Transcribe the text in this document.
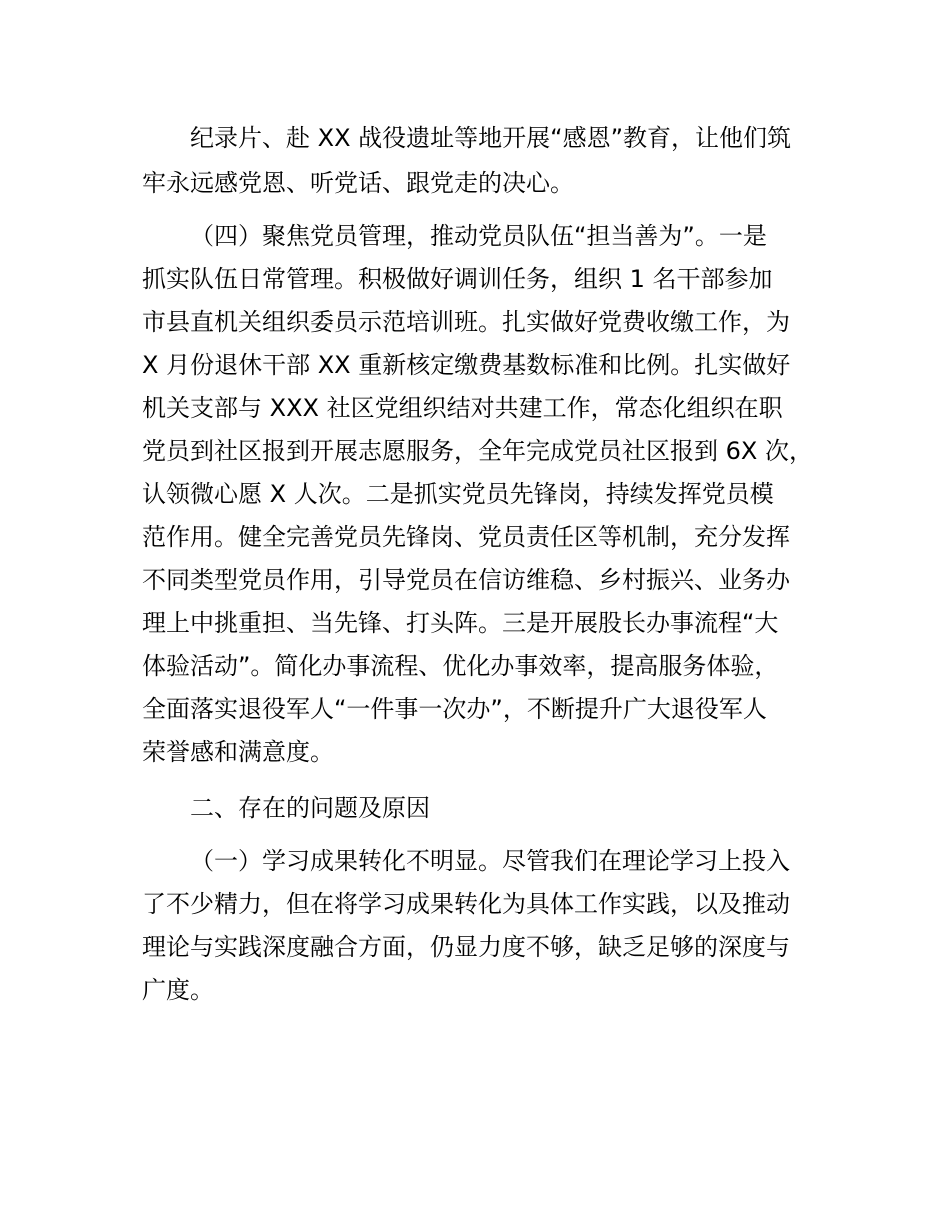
纪录片、赴 XX 战役遗址等地开展“感恩”教育，让他们筑

牢永远感党恩、听党话、跟党走的决心。

（四）聚焦党员管理，推动党员队伍“担当善为”。一是

抓实队伍日常管理。积极做好调训任务，组织 1 名干部参加

市县直机关组织委员示范培训班。扎实做好党费收缴工作，为

X 月份退休干部 XX 重新核定缴费基数标准和比例。扎实做好

机关支部与 XXX 社区党组织结对共建工作，常态化组织在职

党员到社区报到开展志愿服务，全年完成党员社区报到 6X 次，

认领微心愿 X 人次。二是抓实党员先锋岗，持续发挥党员模

范作用。健全完善党员先锋岗、党员责任区等机制，充分发挥

不同类型党员作用，引导党员在信访维稳、乡村振兴、业务办

理上中挑重担、当先锋、打头阵。三是开展股长办事流程“大

体验活动”。简化办事流程、优化办事效率，提高服务体验，

全面落实退役军人“一件事一次办”，不断提升广大退役军人

荣誉感和满意度。

二、存在的问题及原因

（一）学习成果转化不明显。尽管我们在理论学习上投入

了不少精力，但在将学习成果转化为具体工作实践，以及推动

理论与实践深度融合方面，仍显力度不够，缺乏足够的深度与

广度。
